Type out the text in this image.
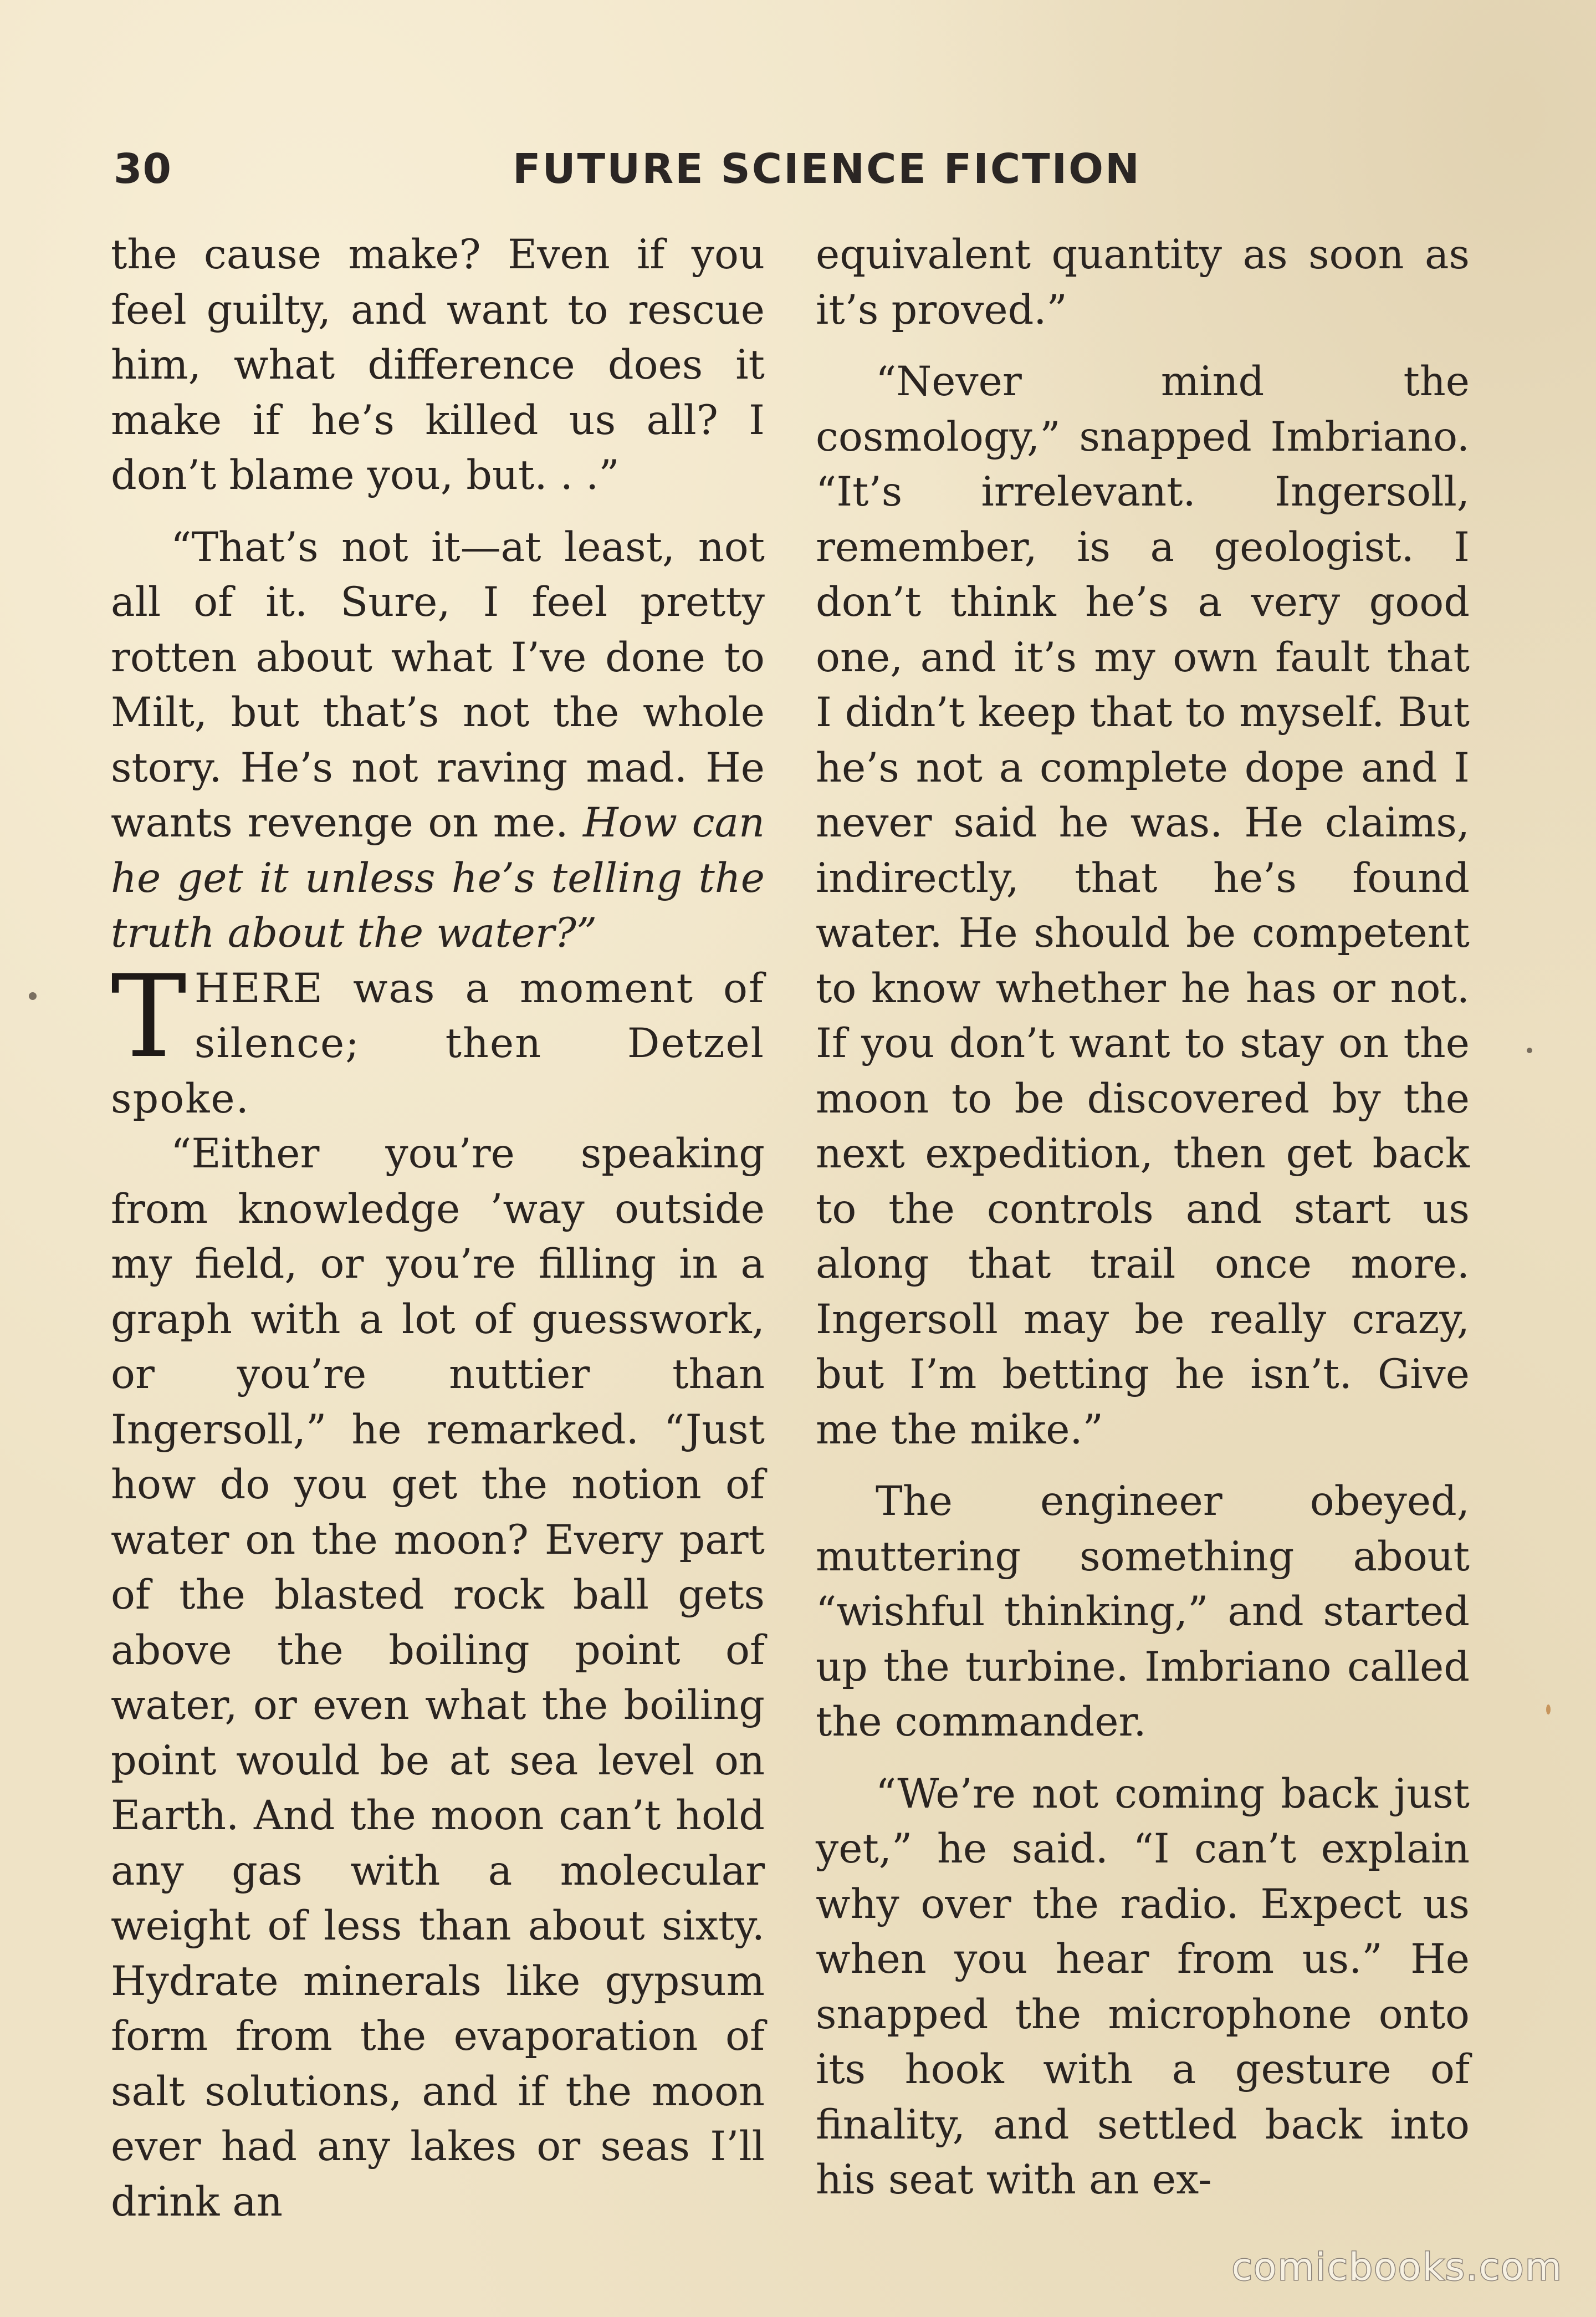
30	FUTURE SCIENCE FICTION

the cause make? Even if you feel guilty, and want to rescue him, what difference does it make if he’s killed us all? I don’t blame you, but. . .”

“That’s not it—at least, not all of it. Sure, I feel pretty rotten about what I’ve done to Milt, but that’s not the whole story. He’s not raving mad. He wants revenge on me. How can he get it unless he’s telling the truth about the water?”

THERE was a moment of silence; then Detzel spoke.

“Either you’re speaking from knowledge ’way outside my field, or you’re filling in a graph with a lot of guesswork, or you’re nuttier than Ingersoll,” he remarked. “Just how do you get the notion of water on the moon? Every part of the blasted rock ball gets above the boiling point of water, or even what the boiling point would be at sea level on Earth. And the moon can’t hold any gas with a molecular weight of less than about sixty. Hydrate minerals like gypsum form from the evaporation of salt solutions, and if the moon ever had any lakes or seas I’ll drink an

equivalent quantity as soon as it’s proved.”

“Never mind the cosmology,” snapped Imbriano. “It’s irrelevant. Ingersoll, remember, is a geologist. I don’t think he’s a very good one, and it’s my own fault that I didn’t keep that to myself. But he’s not a complete dope and I never said he was. He claims, indirectly, that he’s found water. He should be competent to know whether he has or not. If you don’t want to stay on the moon to be discovered by the next expedition, then get back to the controls and start us along that trail once more. Ingersoll may be really crazy, but I’m betting he isn’t. Give me the mike.”

The engineer obeyed, muttering something about “wishful thinking,” and started up the turbine. Imbriano called the commander.

“We’re not coming back just yet,” he said. “I can’t explain why over the radio. Expect us when you hear from us.” He snapped the microphone onto its hook with a gesture of finality, and settled back into his seat with an ex-

comicbooks.com
